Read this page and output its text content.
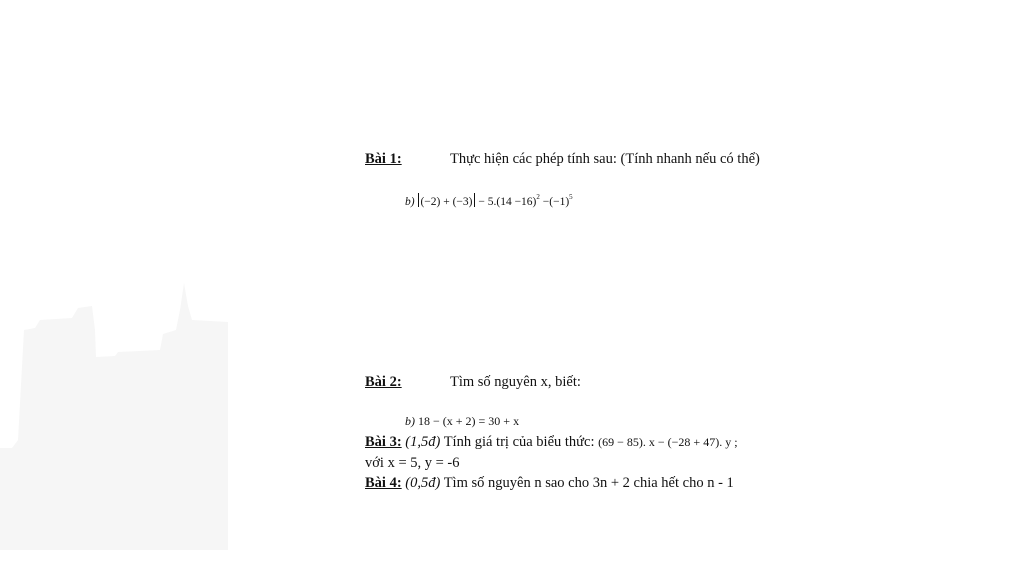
Bài 1:	Thực hiện các phép tính sau: (Tính nhanh nếu có thể)
b) $(-2) + (-3) - 5.(14 -16)^2 -(-1)^5$
Bài 2:	Tìm số nguyên x, biết:
b) 18 − (x + 2) = 30 + x
Bài 3: (1,5đ) Tính giá trị của biểu thức: (69 − 85). x − (−28 + 47). y ;
với x = 5, y = -6
Bài 4: (0,5đ) Tìm số nguyên n sao cho 3n + 2 chia hết cho n - 1
